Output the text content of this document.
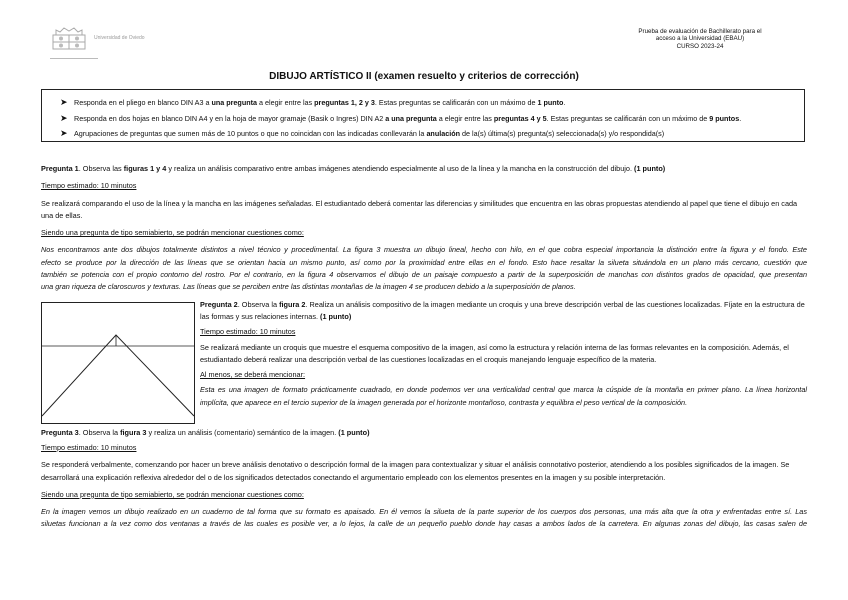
Universidad de Oviedo
Prueba de evaluación de Bachillerato para el
acceso a la Universidad (EBAU)
CURSO 2023-24
DIBUJO ARTÍSTICO II (examen resuelto y criterios de corrección)
➤ Responda en el pliego en blanco DIN A3 a una pregunta a elegir entre las preguntas 1, 2 y 3. Estas preguntas se calificarán con un máximo de 1 punto.
➤ Responda en dos hojas en blanco DIN A4 y en la hoja de mayor gramaje (Basik o Ingres) DIN A2 a una pregunta a elegir entre las preguntas 4 y 5. Estas preguntas se calificarán con un máximo de 9 puntos.
➤ Agrupaciones de preguntas que sumen más de 10 puntos o que no coincidan con las indicadas conllevarán la anulación de la(s) última(s) pregunta(s) seleccionada(s) y/o respondida(s)

Pregunta 1. Observa las figuras 1 y 4 y realiza un análisis comparativo entre ambas imágenes atendiendo especialmente al uso de la línea y la mancha en la construcción del dibujo. (1 punto)

Tiempo estimado: 10 minutos

Se realizará comparando el uso de la línea y la mancha en las imágenes señaladas. El estudiantado deberá comentar las diferencias y similitudes que encuentra en las obras propuestas atendiendo al papel que tiene el dibujo en cada una de ellas.

Siendo una pregunta de tipo semiabierto, se podrán mencionar cuestiones como:

Nos encontramos ante dos dibujos totalmente distintos a nivel técnico y procedimental. La figura 3 muestra un dibujo lineal, hecho con hilo, en el que cobra especial importancia la distinción entre la figura y el fondo. Este
efecto se produce por la dirección de las líneas que se orientan hacia un mismo punto, así como por la proximidad entre ellas en el fondo. Esto hace resaltar la silueta situándola en un plano más cercano, cuestión que
también se potencia con el propio contorno del rostro. Por el contrario, en la figura 4 observamos el dibujo de un paisaje compuesto a partir de la superposición de manchas con distintos grados de opacidad, que presentan
una gran riqueza de claroscuros y texturas. Las líneas que se perciben entre las distintas montañas de la imagen 4 se producen debido a la superposición de planos.

Pregunta 2. Observa la figura 2. Realiza un análisis compositivo de la imagen mediante un croquis y una breve descripción verbal de las cuestiones localizadas. Fíjate en la estructura de las formas y sus relaciones internas. (1 punto)

Tiempo estimado: 10 minutos

Se realizará mediante un croquis que muestre el esquema compositivo de la imagen, así como la estructura y relación interna de las formas relevantes en la composición. Además, el estudiantado deberá realizar una descripción verbal de las cuestiones localizadas en el croquis manejando lenguaje específico de la materia.

Al menos, se deberá mencionar:

Esta es una imagen de formato prácticamente cuadrado, en donde podemos ver una verticalidad central que marca la cúspide de la montaña en primer plano. La línea horizontal
implícita, que aparece en el tercio superior de la imagen generada por el horizonte montañoso, contrasta y equilibra el peso vertical de la composición.

Pregunta 3. Observa la figura 3 y realiza un análisis (comentario) semántico de la imagen. (1 punto)

Tiempo estimado: 10 minutos

Se responderá verbalmente, comenzando por hacer un breve análisis denotativo o descripción formal de la imagen para contextualizar y situar el análisis connotativo posterior, atendiendo a los posibles significados de la imagen. Se desarrollará una explicación reflexiva alrededor del o de los significados detectados conectando el argumentario empleado con los elementos presentes en la imagen y su posible interpretación.

Siendo una pregunta de tipo semiabierto, se podrán mencionar cuestiones como:

En la imagen vemos un dibujo realizado en un cuaderno de tal forma que su formato es apaisado. En él vemos la silueta de la parte superior de los cuerpos dos personas, una más alta que la otra y enfrentadas entre sí. Las
siluetas funcionan a la vez como dos ventanas a través de las cuales es posible ver, a lo lejos, la calle de un pequeño pueblo donde hay casas a ambos lados de la carretera. En algunas zonas del dibujo, las casas salen de
